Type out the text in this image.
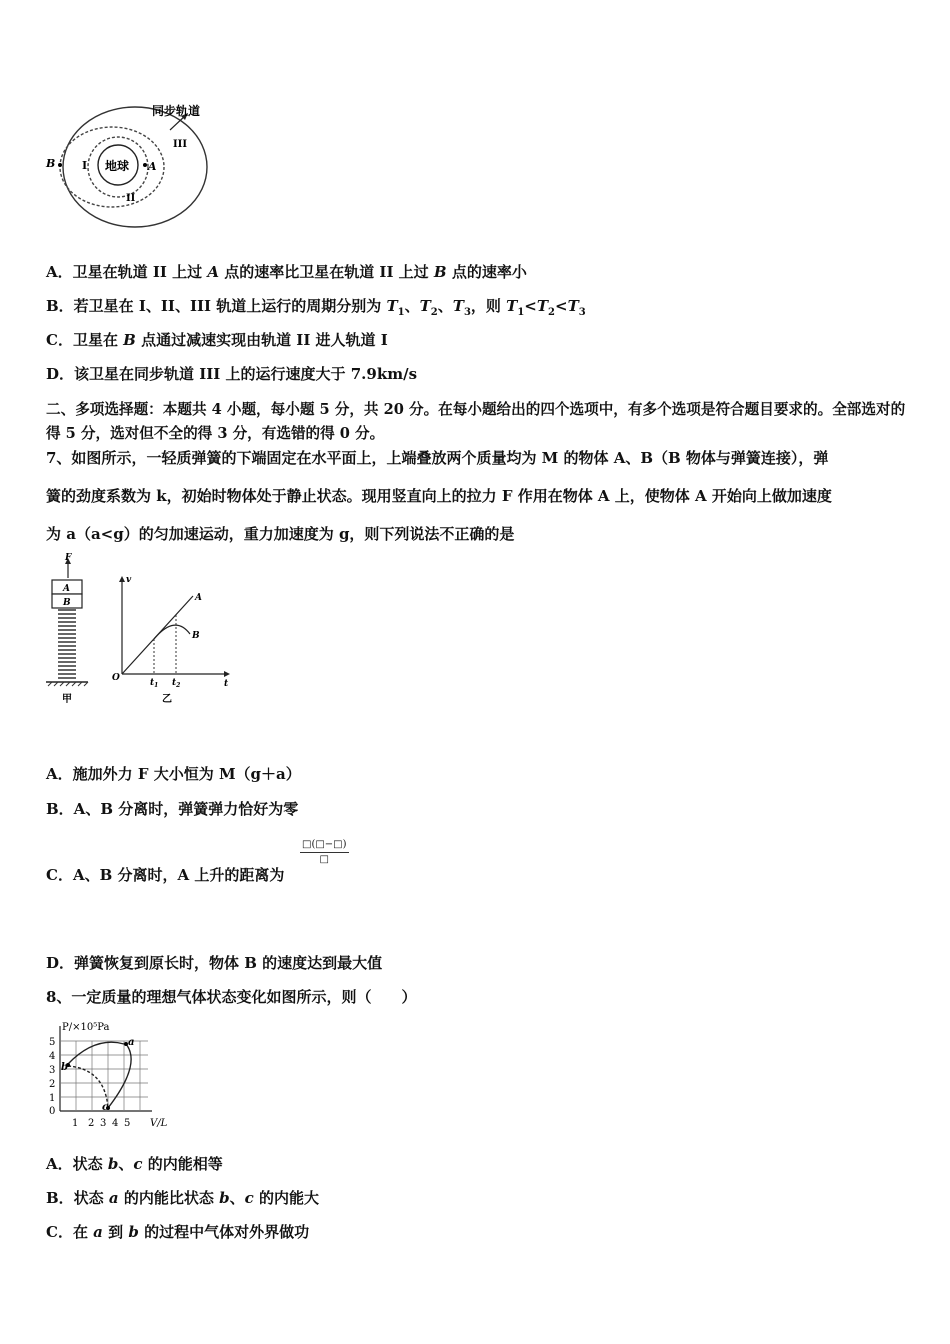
地球 A
B I
II
III
同步轨道
A．卫星在轨道 II 上过 A 点的速率比卫星在轨道 II 上过 B 点的速率小
B．若卫星在 I、II、III 轨道上运行的周期分别为 $T_1$、$T_2$、$T_3$，则 $T_1<T_2<T_3$
C．卫星在 B 点通过减速实现由轨道 II 进人轨道 I
D．该卫星在同步轨道 III 上的运行速度大于 7.9km/s
二、多项选择题：本题共 4 小题，每小题 5 分，共 20 分。在每小题给出的四个选项中，有多个选项是符合题目要求的。全部选对的得 5 分，选对但不全的得 3 分，有选错的得 0 分。
7、如图所示，一轻质弹簧的下端固定在水平面上，上端叠放两个质量均为 M 的物体 A、B（B 物体与弹簧连接），弹
簧的劲度系数为 k，初始时物体处于静止状态。现用竖直向上的拉力 F 作用在物体 A 上，使物体 A 开始向上做加速度
为 a（a<g）的匀加速运动，重力加速度为 g，则下列说法不正确的是
F
A
B
甲
v
t
O
A
B
$t_1$ $t_2$
乙
A．施加外力 F 大小恒为 M（g＋a）
B．A、B 分离时，弹簧弹力恰好为零
□(□−□)
□
C．A、B 分离时，A 上升的距离为
D．弹簧恢复到原长时，物体 B 的速度达到最大值
8、一定质量的理想气体状态变化如图所示，则（　　）
P/×10⁵Pa
5
4
3
2
1
0
1 2 3 4 5 V/L
a
b
c
A．状态 b、c 的内能相等
B．状态 a 的内能比状态 b、c 的内能大
C．在 a 到 b 的过程中气体对外界做功
